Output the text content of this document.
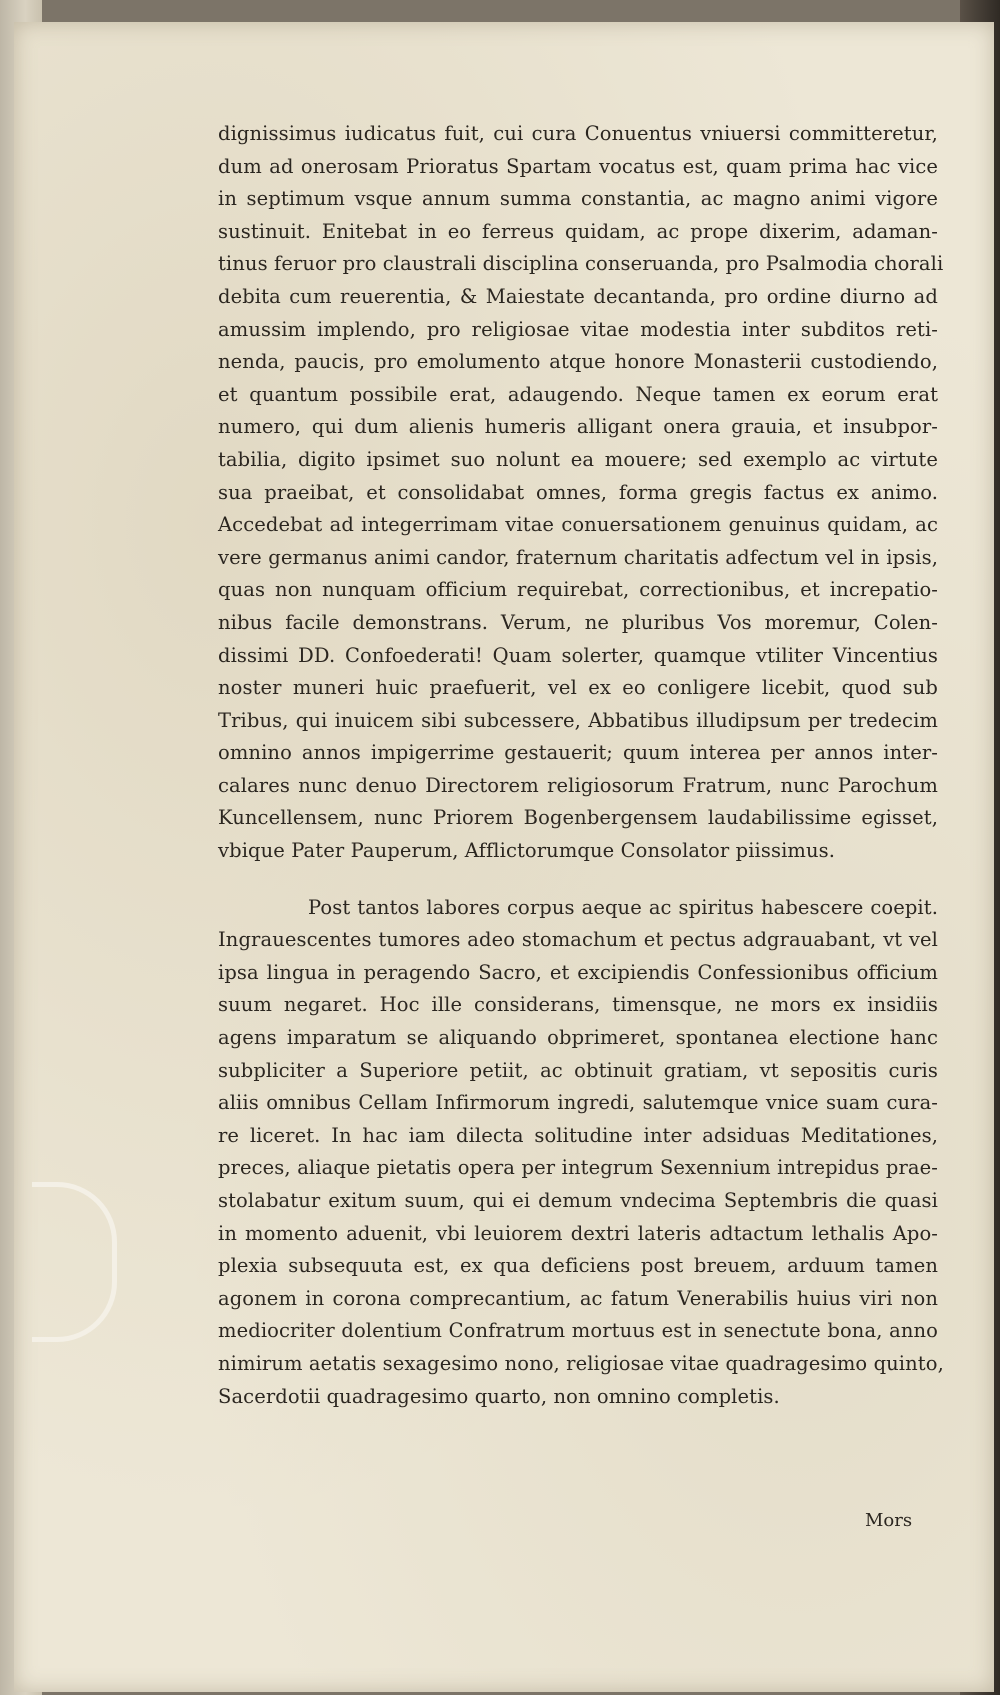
dignissimus iudicatus fuit, cui cura Conuentus vniuersi committeretur,
dum ad onerosam Prioratus Spartam vocatus est, quam prima hac vice
in septimum vsque annum summa constantia, ac magno animi vigore
sustinuit. Enitebat in eo ferreus quidam, ac prope dixerim, adaman-
tinus feruor pro claustrali disciplina conseruanda, pro Psalmodia chorali
debita cum reuerentia, & Maiestate decantanda, pro ordine diurno ad
amussim implendo, pro religiosae vitae modestia inter subditos reti-
nenda, paucis, pro emolumento atque honore Monasterii custodiendo,
et quantum possibile erat, adaugendo. Neque tamen ex eorum erat
numero, qui dum alienis humeris alligant onera grauia, et insubpor-
tabilia, digito ipsimet suo nolunt ea mouere; sed exemplo ac virtute
sua praeibat, et consolidabat omnes, forma gregis factus ex animo.
Accedebat ad integerrimam vitae conuersationem genuinus quidam, ac
vere germanus animi candor, fraternum charitatis adfectum vel in ipsis,
quas non nunquam officium requirebat, correctionibus, et increpatio-
nibus facile demonstrans. Verum, ne pluribus Vos moremur, Colen-
dissimi DD. Confoederati! Quam solerter, quamque vtiliter Vincentius
noster muneri huic praefuerit, vel ex eo conligere licebit, quod sub
Tribus, qui inuicem sibi subcessere, Abbatibus illudipsum per tredecim
omnino annos impigerrime gestauerit; quum interea per annos inter-
calares nunc denuo Directorem religiosorum Fratrum, nunc Parochum
Kuncellensem, nunc Priorem Bogenbergensem laudabilissime egisset,
vbique Pater Pauperum, Afflictorumque Consolator piissimus.
Post tantos labores corpus aeque ac spiritus habescere coepit.
Ingrauescentes tumores adeo stomachum et pectus adgrauabant, vt vel
ipsa lingua in peragendo Sacro, et excipiendis Confessionibus officium
suum negaret. Hoc ille considerans, timensque, ne mors ex insidiis
agens imparatum se aliquando obprimeret, spontanea electione hanc
subpliciter a Superiore petiit, ac obtinuit gratiam, vt sepositis curis
aliis omnibus Cellam Infirmorum ingredi, salutemque vnice suam cura-
re liceret. In hac iam dilecta solitudine inter adsiduas Meditationes,
preces, aliaque pietatis opera per integrum Sexennium intrepidus prae-
stolabatur exitum suum, qui ei demum vndecima Septembris die quasi
in momento aduenit, vbi leuiorem dextri lateris adtactum lethalis Apo-
plexia subsequuta est, ex qua deficiens post breuem, arduum tamen
agonem in corona comprecantium, ac fatum Venerabilis huius viri non
mediocriter dolentium Confratrum mortuus est in senectute bona, anno
nimirum aetatis sexagesimo nono, religiosae vitae quadragesimo quinto,
Sacerdotii quadragesimo quarto, non omnino completis.
Mors
